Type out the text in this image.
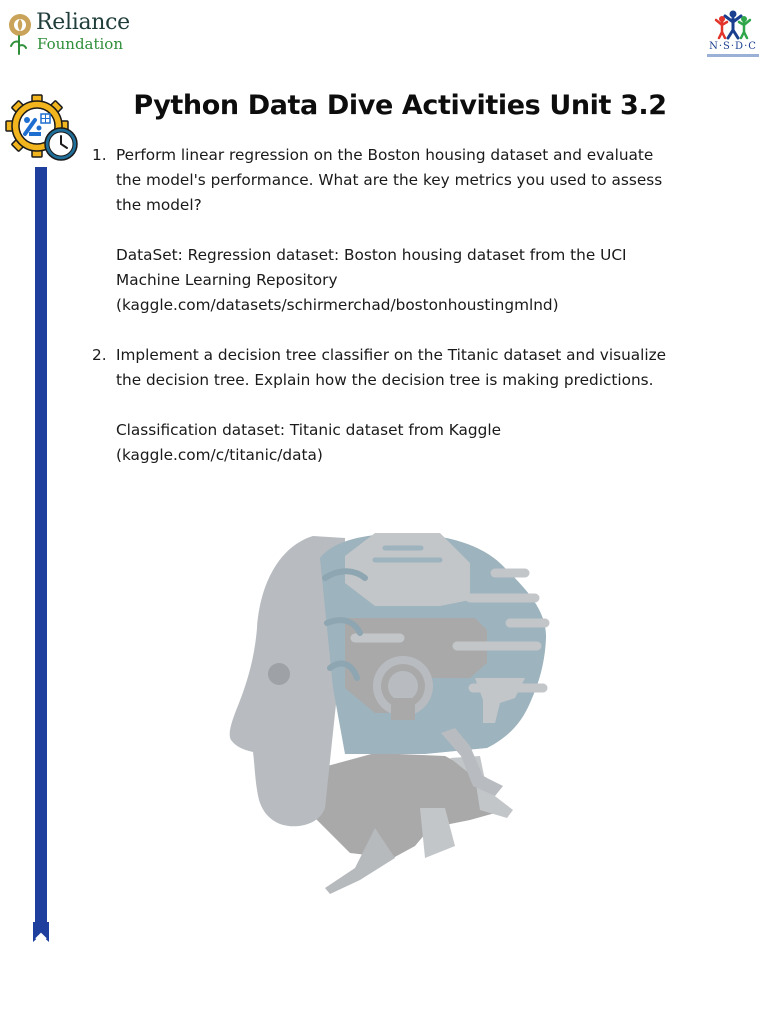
Reliance
Foundation	N·S·D·C
Python Data Dive Activities Unit 3.2
1. Perform linear regression on the Boston housing dataset and evaluate the model's performance. What are the key metrics you used to assess the model?
DataSet: Regression dataset: Boston housing dataset from the UCI
Machine Learning Repository
(kaggle.com/datasets/schirmerchad/bostonhoustingmlnd)
2. Implement a decision tree classifier on the Titanic dataset and visualize the decision tree. Explain how the decision tree is making predictions.
Classification dataset: Titanic dataset from Kaggle
(kaggle.com/c/titanic/data)
